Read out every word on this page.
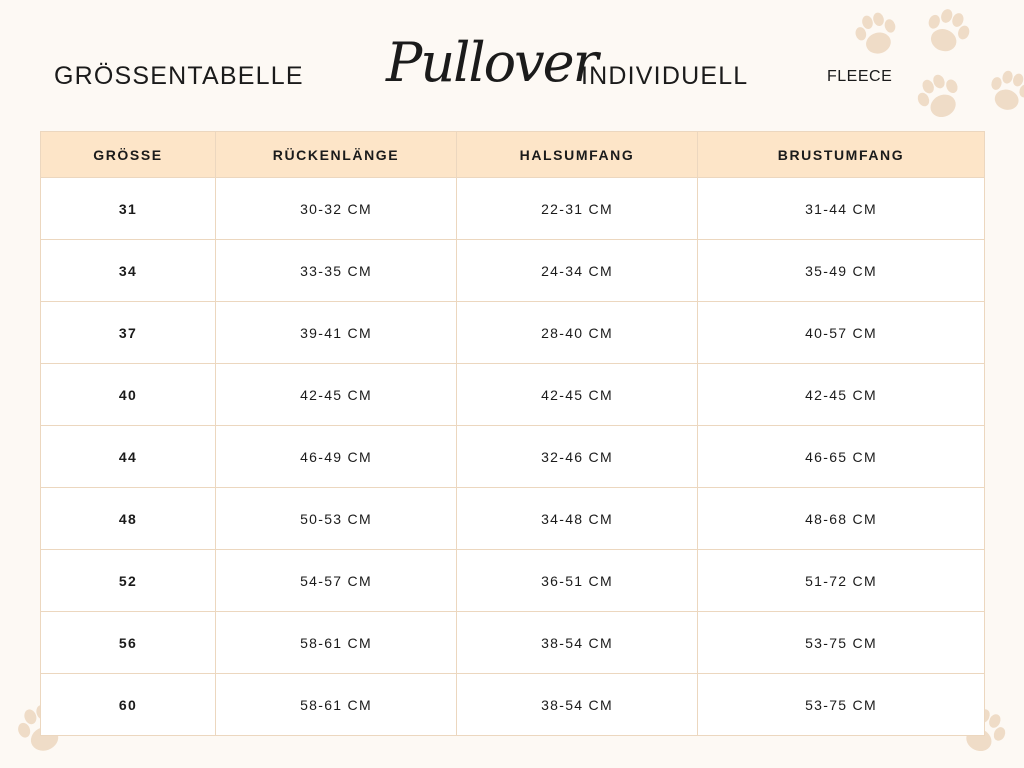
GRÖSSENTABELLE Pullover
INDIVIDUELL	FLEECE
GRÖSSE	RÜCKENLÄNGE	HALSUMFANG	BRUSTUMFANG
31	30-32 CM	22-31 CM	31-44 CM
34	33-35 CM	24-34 CM	35-49 CM
37	39-41 CM	28-40 CM	40-57 CM
40	42-45 CM	42-45 CM	42-45 CM
44	46-49 CM	32-46 CM	46-65 CM
48	50-53 CM	34-48 CM	48-68 CM
52	54-57 CM	36-51 CM	51-72 CM
56	58-61 CM	38-54 CM	53-75 CM
60	58-61 CM	38-54 CM	53-75 CM
